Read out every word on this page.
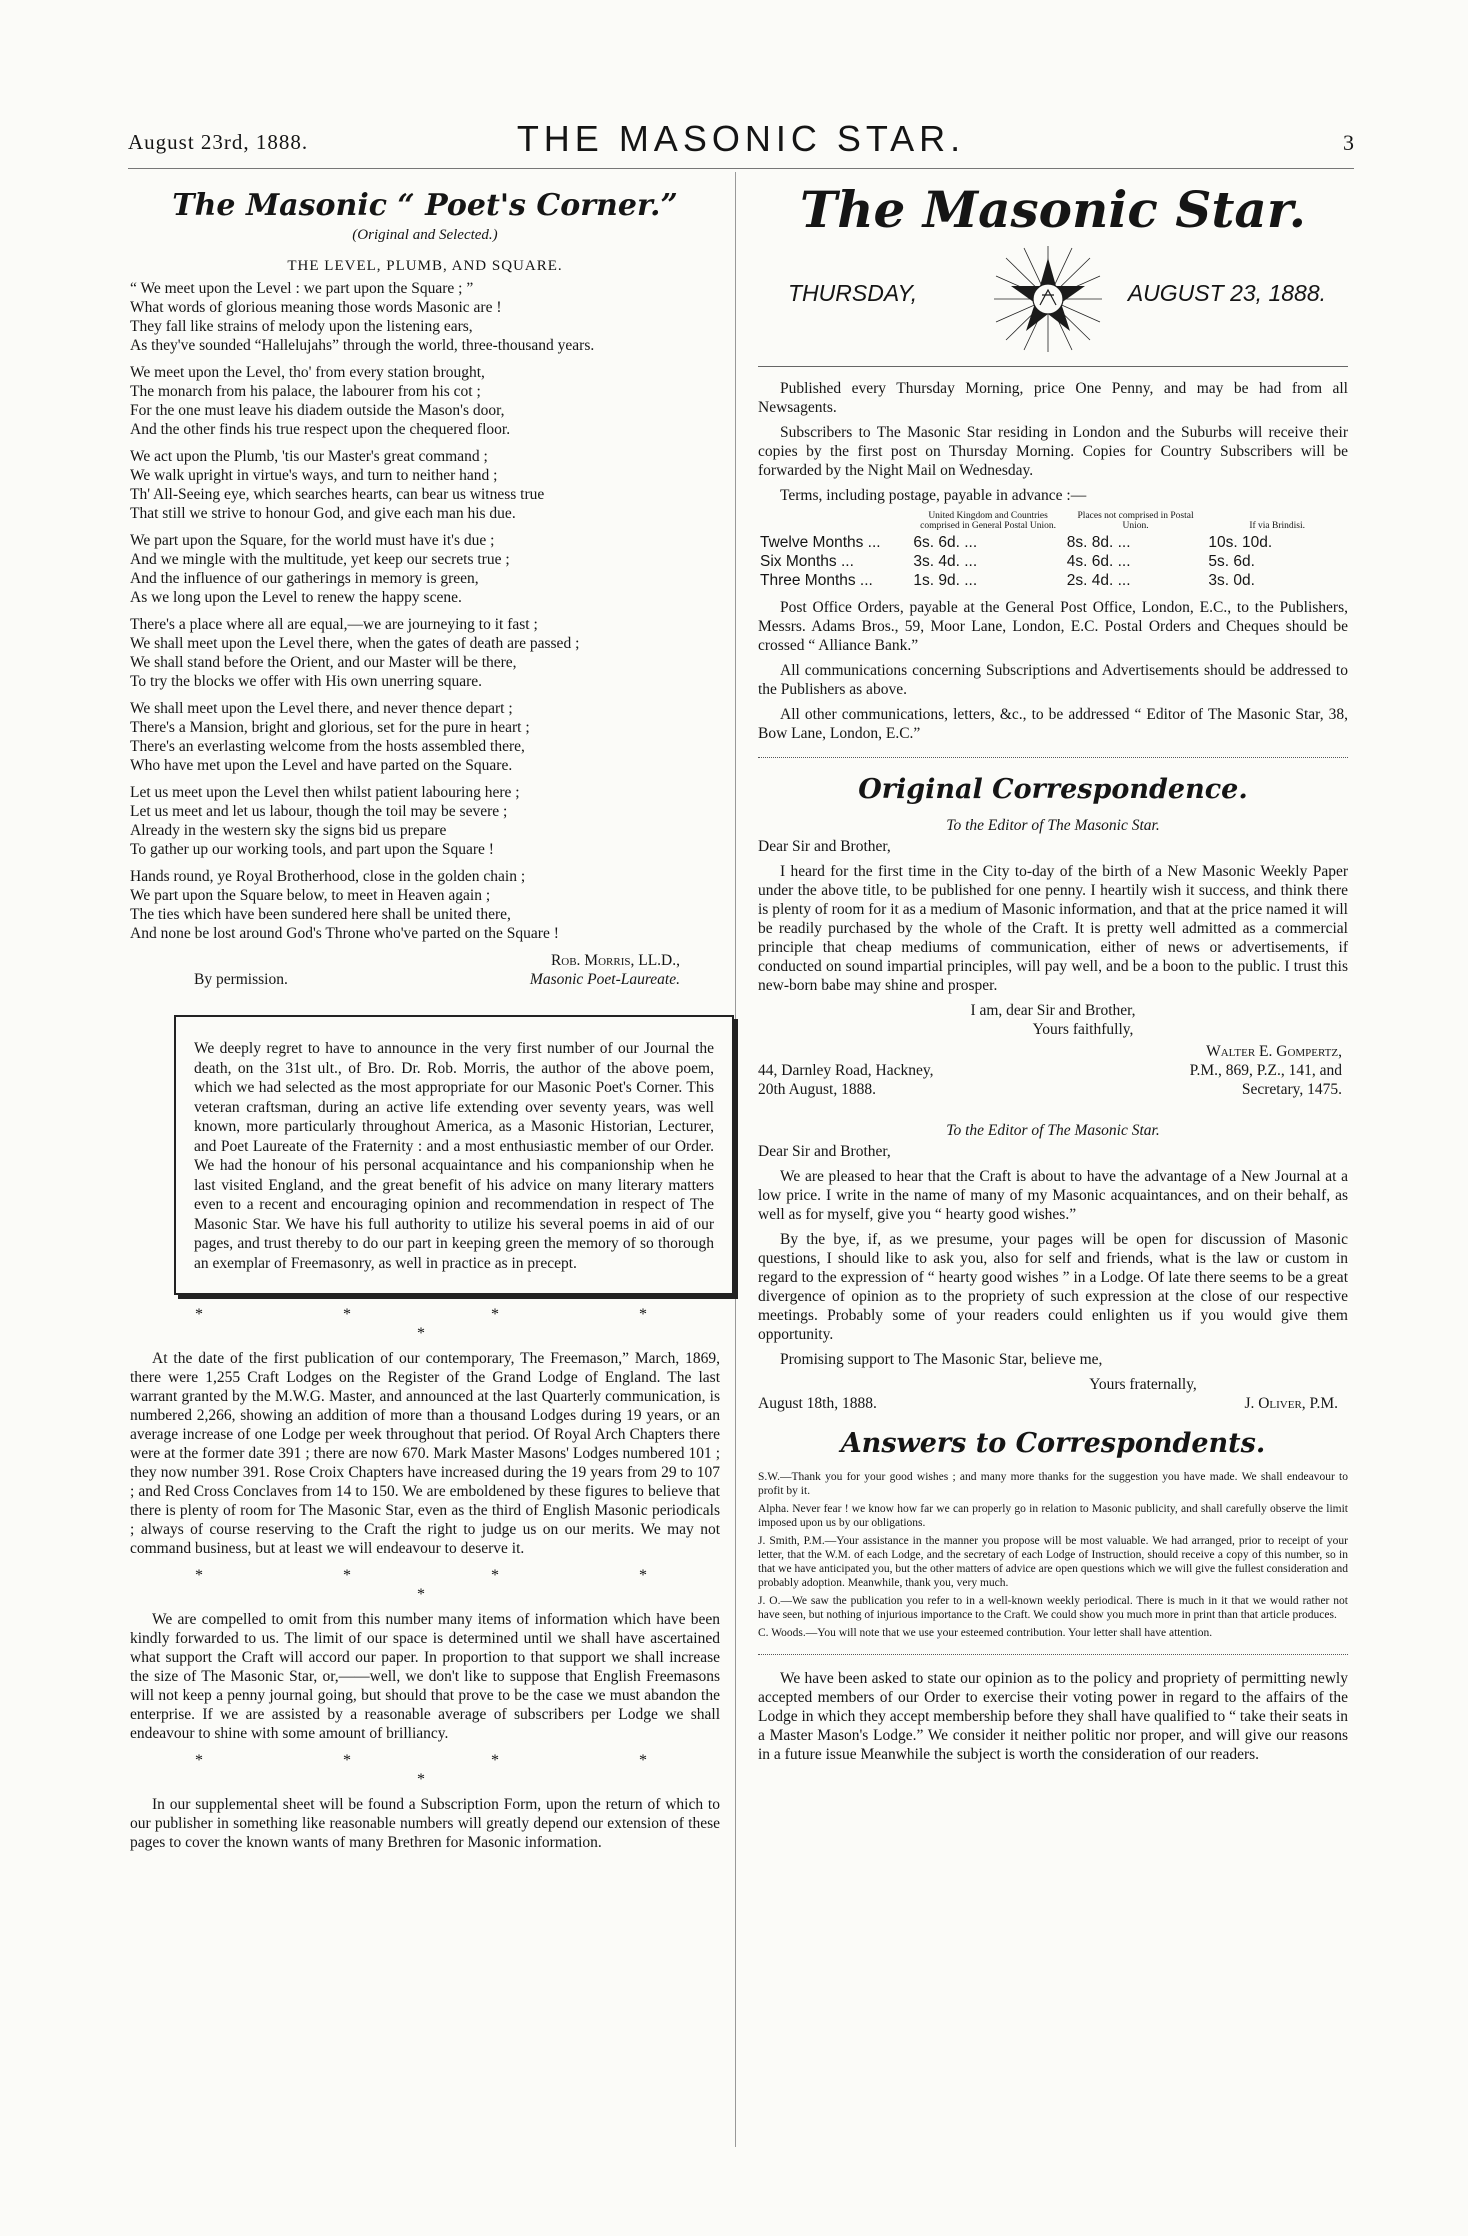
August 23rd, 1888.	THE MASONIC STAR.	3
The Masonic “ Poet's Corner.”
(Original and Selected.)
THE LEVEL, PLUMB, AND SQUARE.
“ We meet upon the Level : we part upon the Square ; ”
What words of glorious meaning those words Masonic are !
They fall like strains of melody upon the listening ears,
As they've sounded “Hallelujahs” through the world, three-thousand years.
We meet upon the Level, tho' from every station brought,
The monarch from his palace, the labourer from his cot ;
For the one must leave his diadem outside the Mason's door,
And the other finds his true respect upon the chequered floor.
We act upon the Plumb, 'tis our Master's great command ;
We walk upright in virtue's ways, and turn to neither hand ;
Th' All-Seeing eye, which searches hearts, can bear us witness true
That still we strive to honour God, and give each man his due.
We part upon the Square, for the world must have it's due ;
And we mingle with the multitude, yet keep our secrets true ;
And the influence of our gatherings in memory is green,
As we long upon the Level to renew the happy scene.
There's a place where all are equal,—we are journeying to it fast ;
We shall meet upon the Level there, when the gates of death are passed ;
We shall stand before the Orient, and our Master will be there,
To try the blocks we offer with His own unerring square.
We shall meet upon the Level there, and never thence depart ;
There's a Mansion, bright and glorious, set for the pure in heart ;
There's an everlasting welcome from the hosts assembled there,
Who have met upon the Level and have parted on the Square.
Let us meet upon the Level then whilst patient labouring here ;
Let us meet and let us labour, though the toil may be severe ;
Already in the western sky the signs bid us prepare
To gather up our working tools, and part upon the Square !
Hands round, ye Royal Brotherhood, close in the golden chain ;
We part upon the Square below, to meet in Heaven again ;
The ties which have been sundered here shall be united there,
And none be lost around God's Throne who've parted on the Square !
Rob. Morris, LL.D.,
By permission.	Masonic Poet-Laureate.
We deeply regret to have to announce in the very first number of our Journal the death, on the 31st ult., of Bro. Dr. Rob. Morris, the author of the above poem, which we had selected as the most appropriate for our Masonic Poet's Corner. This veteran craftsman, during an active life extending over seventy years, was well known, more particularly throughout America, as a Masonic Historian, Lecturer, and Poet Laureate of the Fraternity : and a most enthusiastic member of our Order. We had the honour of his personal acquaintance and his companionship when he last visited England, and the great benefit of his advice on many literary matters even to a recent and encouraging opinion and recommendation in respect of The Masonic Star. We have his full authority to utilize his several poems in aid of our pages, and trust thereby to do our part in keeping green the memory of so thorough an exemplar of Freemasonry, as well in practice as in precept.
* * * * *

At the date of the first publication of our contemporary, The Freemason,” March, 1869, there were 1,255 Craft Lodges on the Register of the Grand Lodge of England. The last warrant granted by the M.W.G. Master, and announced at the last Quarterly communication, is numbered 2,266, showing an addition of more than a thousand Lodges during 19 years, or an average increase of one Lodge per week throughout that period. Of Royal Arch Chapters there were at the former date 391 ; there are now 670. Mark Master Masons' Lodges numbered 101 ; they now number 391. Rose Croix Chapters have increased during the 19 years from 29 to 107 ; and Red Cross Conclaves from 14 to 150. We are emboldened by these figures to believe that there is plenty of room for The Masonic Star, even as the third of English Masonic periodicals ; always of course reserving to the Craft the right to judge us on our merits. We may not command business, but at least we will endeavour to deserve it.

* * * * *

We are compelled to omit from this number many items of information which have been kindly forwarded to us. The limit of our space is determined until we shall have ascertained what support the Craft will accord our paper. In proportion to that support we shall increase the size of The Masonic Star, or,——well, we don't like to suppose that English Freemasons will not keep a penny journal going, but should that prove to be the case we must abandon the enterprise. If we are assisted by a reasonable average of subscribers per Lodge we shall endeavour to shine with some amount of brilliancy.

* * * * *

In our supplemental sheet will be found a Subscription Form, upon the return of which to our publisher in something like reasonable numbers will greatly depend our extension of these pages to cover the known wants of many Brethren for Masonic information.

The Masonic Star.
THURSDAY,	AUGUST 23, 1888.

Published every Thursday Morning, price One Penny, and may be had from all Newsagents.

Subscribers to The Masonic Star residing in London and the Suburbs will receive their copies by the first post on Thursday Morning. Copies for Country Subscribers will be forwarded by the Night Mail on Wednesday.

Terms, including postage, payable in advance :—

	United Kingdom and Countries comprised in General Postal Union.	Places not comprised in Postal Union.	If via Brindisi.
Twelve Months ...	6s. 6d. ...	8s. 8d. ...	10s. 10d.
Six Months ...	3s. 4d. ...	4s. 6d. ...	5s. 6d.
Three Months ...	1s. 9d. ...	2s. 4d. ...	3s. 0d.

Post Office Orders, payable at the General Post Office, London, E.C., to the Publishers, Messrs. Adams Bros., 59, Moor Lane, London, E.C. Postal Orders and Cheques should be crossed “ Alliance Bank.”

All communications concerning Subscriptions and Advertisements should be addressed to the Publishers as above.

All other communications, letters, &c., to be addressed “ Editor of The Masonic Star, 38, Bow Lane, London, E.C.”

Original Correspondence.
To the Editor of The Masonic Star.

Dear Sir and Brother,

I heard for the first time in the City to-day of the birth of a New Masonic Weekly Paper under the above title, to be published for one penny. I heartily wish it success, and think there is plenty of room for it as a medium of Masonic information, and that at the price named it will be readily purchased by the whole of the Craft. It is pretty well admitted as a commercial principle that cheap mediums of communication, either of news or advertisements, if conducted on sound impartial principles, will pay well, and be a boon to the public. I trust this new-born babe may shine and prosper.

I am, dear Sir and Brother,
Yours faithfully,
Walter E. Gompertz,
44, Darnley Road, Hackney,	P.M., 869, P.Z., 141, and
20th August, 1888.	Secretary, 1475.
To the Editor of The Masonic Star.

Dear Sir and Brother,

We are pleased to hear that the Craft is about to have the advantage of a New Journal at a low price. I write in the name of many of my Masonic acquaintances, and on their behalf, as well as for myself, give you “ hearty good wishes.”

By the bye, if, as we presume, your pages will be open for discussion of Masonic questions, I should like to ask you, also for self and friends, what is the law or custom in regard to the expression of “ hearty good wishes ” in a Lodge. Of late there seems to be a great divergence of opinion as to the propriety of such expression at the close of our respective meetings. Probably some of your readers could enlighten us if you would give them opportunity.

Promising support to The Masonic Star, believe me,

Yours fraternally,
August 18th, 1888.	J. Oliver, P.M.
Answers to Correspondents.
S.W.—Thank you for your good wishes ; and many more thanks for the suggestion you have made. We shall endeavour to profit by it.
Alpha. Never fear ! we know how far we can properly go in relation to Masonic publicity, and shall carefully observe the limit imposed upon us by our obligations.
J. Smith, P.M.—Your assistance in the manner you propose will be most valuable. We had arranged, prior to receipt of your letter, that the W.M. of each Lodge, and the secretary of each Lodge of Instruction, should receive a copy of this number, so in that we have anticipated you, but the other matters of advice are open questions which we will give the fullest consideration and probably adoption. Meanwhile, thank you, very much.
J. O.—We saw the publication you refer to in a well-known weekly periodical. There is much in it that we would rather not have seen, but nothing of injurious importance to the Craft. We could show you much more in print than that article produces.
C. Woods.—You will note that we use your esteemed contribution. Your letter shall have attention.

We have been asked to state our opinion as to the policy and propriety of permitting newly accepted members of our Order to exercise their voting power in regard to the affairs of the Lodge in which they accept membership before they shall have qualified to “ take their seats in a Master Mason's Lodge.” We consider it neither politic nor proper, and will give our reasons in a future issue Meanwhile the subject is worth the consideration of our readers.
